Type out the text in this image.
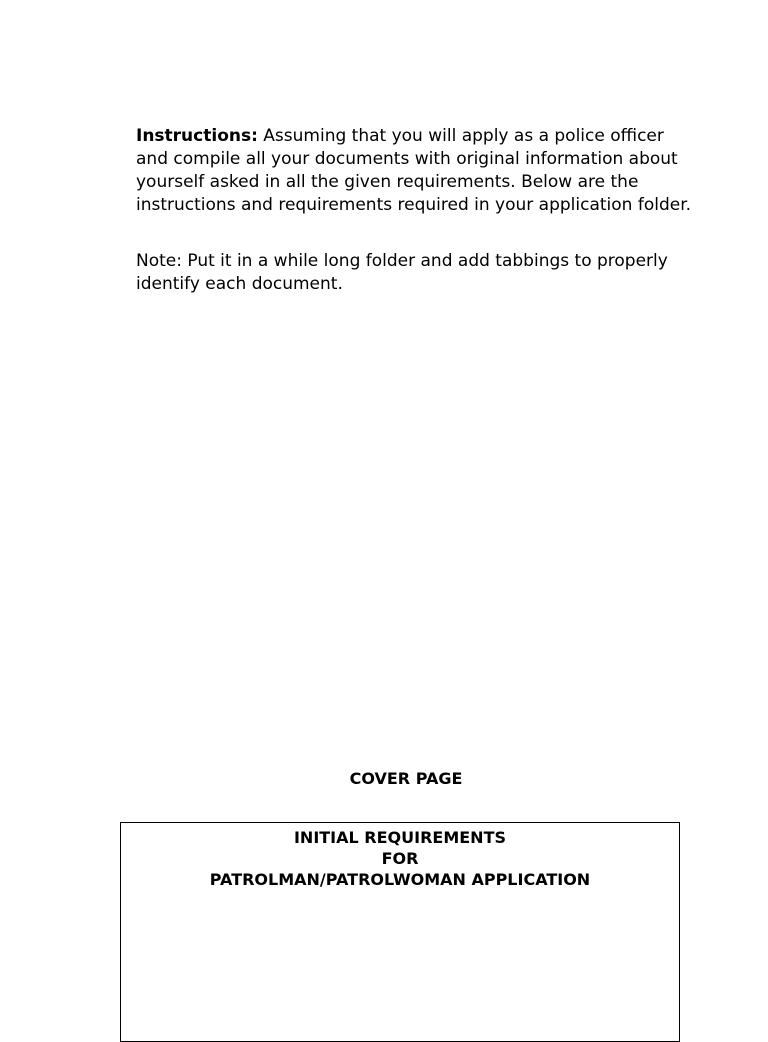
Instructions: Assuming that you will apply as a police officer and compile all your documents with original information about yourself asked in all the given requirements. Below are the instructions and requirements required in your application folder.

Note: Put it in a while long folder and add tabbings to properly identify each document.

COVER PAGE

INITIAL REQUIREMENTS
FOR
PATROLMAN/PATROLWOMAN APPLICATION
